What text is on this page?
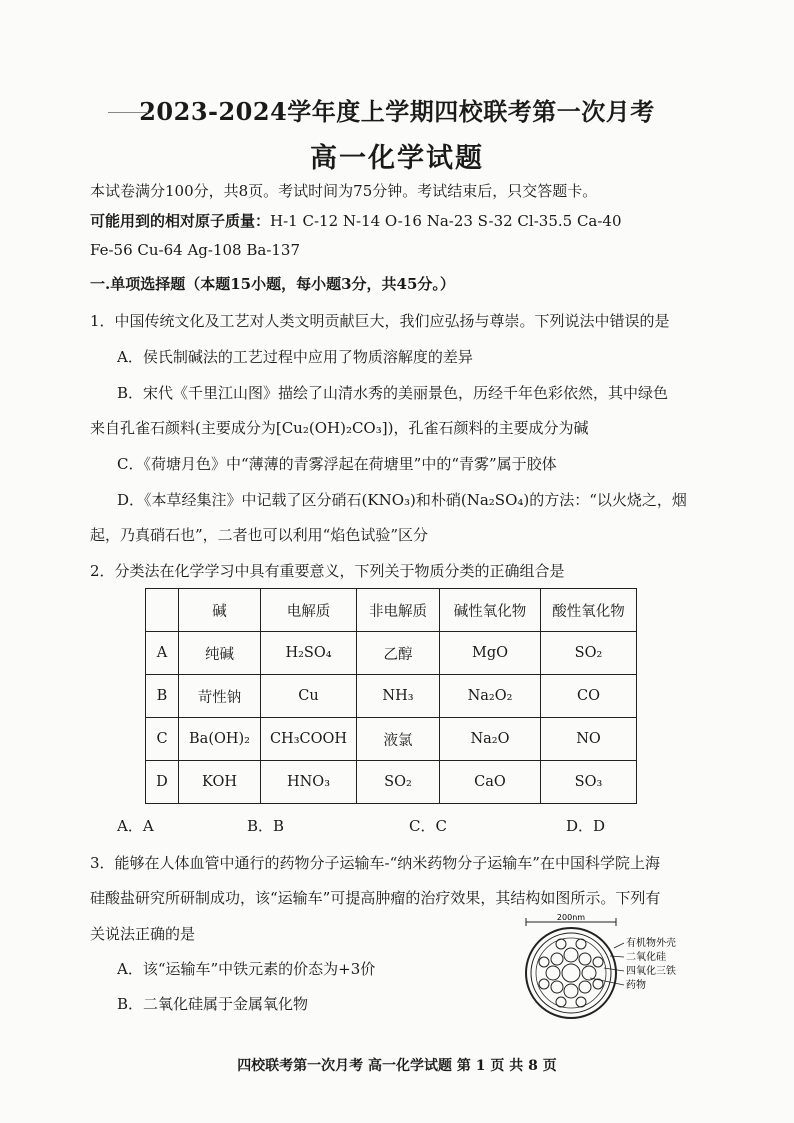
2023-2024学年度上学期四校联考第一次月考
高一化学试题
本试卷满分100分，共8页。考试时间为75分钟。考试结束后，只交答题卡。
可能用到的相对原子质量：H-1 C-12 N-14 O-16 Na-23 S-32 Cl-35.5 Ca-40
Fe-56 Cu-64 Ag-108 Ba-137
一.单项选择题（本题15小题，每小题3分，共45分。）
1．中国传统文化及工艺对人类文明贡献巨大，我们应弘扬与尊崇。下列说法中错误的是
A．侯氏制碱法的工艺过程中应用了物质溶解度的差异
B．宋代《千里江山图》描绘了山清水秀的美丽景色，历经千年色彩依然，其中绿色
来自孔雀石颜料(主要成分为[Cu₂(OH)₂CO₃])，孔雀石颜料的主要成分为碱
C．《荷塘月色》中“薄薄的青雾浮起在荷塘里”中的“青雾”属于胶体
D．《本草经集注》中记载了区分硝石(KNO₃)和朴硝(Na₂SO₄)的方法：“以火烧之，烟
起，乃真硝石也”，二者也可以利用“焰色试验”区分
2．分类法在化学学习中具有重要意义，下列关于物质分类的正确组合是
	碱	电解质	非电解质	碱性氧化物	酸性氧化物
A	纯碱	H₂SO₄	乙醇	MgO	SO₂
B	苛性钠	Cu	NH₃	Na₂O₂	CO
C	Ba(OH)₂	CH₃COOH	液氯	Na₂O	NO
D	KOH	HNO₃	SO₂	CaO	SO₃
A．A	B．B	C．C	D．D
3．能够在人体血管中通行的药物分子运输车-“纳米药物分子运输车”在中国科学院上海
硅酸盐研究所研制成功，该“运输车”可提高肿瘤的治疗效果，其结构如图所示。下列有
关说法正确的是
A．该“运输车”中铁元素的价态为+3价
B．二氧化硅属于金属氧化物
200nm
有机物外壳
二氧化硅
四氧化三铁
药物
四校联考第一次月考 高一化学试题 第 1 页 共 8 页
